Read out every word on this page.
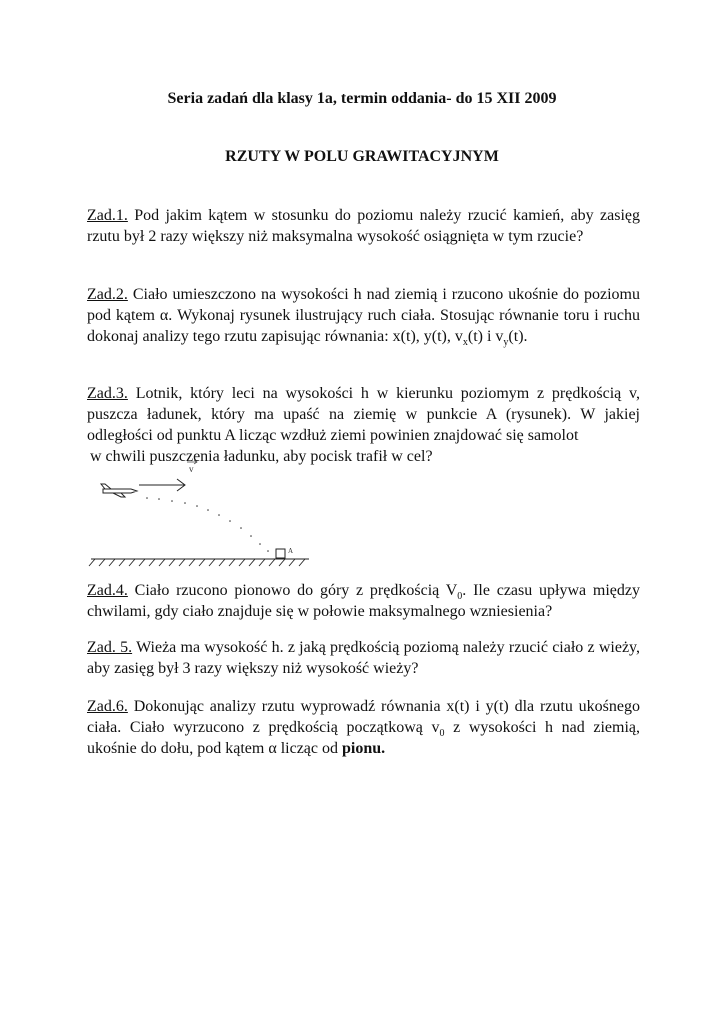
Seria zadań dla klasy 1a, termin oddania- do 15 XII 2009
RZUTY W POLU GRAWITACYJNYM
Zad.1. Pod jakim kątem w stosunku do poziomu należy rzucić kamień, aby zasięg rzutu był 2 razy większy niż maksymalna wysokość osiągnięta w tym rzucie?
Zad.2. Ciało umieszczono na wysokości h nad ziemią i rzucono ukośnie do poziomu pod kątem α. Wykonaj rysunek ilustrujący ruch ciała. Stosując równanie toru i ruchu dokonaj analizy tego rzutu zapisując równania: x(t), y(t), $v_x(t)$ i $v_y(t)$.
Zad.3. Lotnik, który leci na wysokości h w kierunku poziomym z prędkością v, puszcza ładunek, który ma upaść na ziemię w punkcie A (rysunek). W jakiej odległości od punktu A licząc wzdłuż ziemi powinien znajdować się samolot
w chwili puszczenia ładunku, aby pocisk trafił w cel?
v
A
Zad.4. Ciało rzucono pionowo do góry z prędkością $V_0$. Ile czasu upływa między chwilami, gdy ciało znajduje się w połowie maksymalnego wzniesienia?
Zad. 5. Wieża ma wysokość h. z jaką prędkością poziomą należy rzucić ciało z wieży, aby zasięg był 3 razy większy niż wysokość wieży?
Zad.6. Dokonując analizy rzutu wyprowadź równania x(t) i y(t) dla rzutu ukośnego ciała. Ciało wyrzucono z prędkością początkową $v_0$ z wysokości h nad ziemią, ukośnie do dołu, pod kątem α licząc od pionu.
